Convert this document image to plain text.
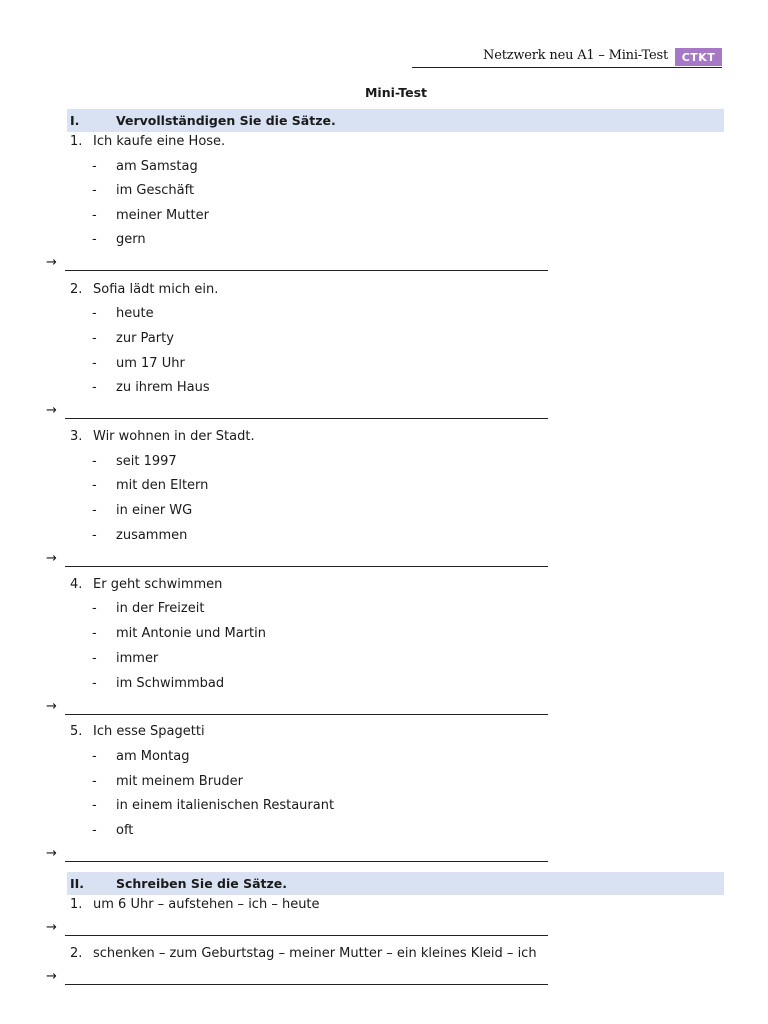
Netzwerk neu A1 – Mini-Test	CTKT
Mini-Test
I.	Vervollständigen Sie die Sätze.
1. Ich kaufe eine Hose.
- am Samstag
- im Geschäft
- meiner Mutter
- gern
→
2. Sofia lädt mich ein.
- heute
- zur Party
- um 17 Uhr
- zu ihrem Haus
→
3. Wir wohnen in der Stadt.
- seit 1997
- mit den Eltern
- in einer WG
- zusammen
→
4. Er geht schwimmen
- in der Freizeit
- mit Antonie und Martin
- immer
- im Schwimmbad
→
5. Ich esse Spagetti
- am Montag
- mit meinem Bruder
- in einem italienischen Restaurant
- oft
→
II.	Schreiben Sie die Sätze.
1. um 6 Uhr – aufstehen – ich – heute
→
2. schenken – zum Geburtstag – meiner Mutter – ein kleines Kleid – ich
→
